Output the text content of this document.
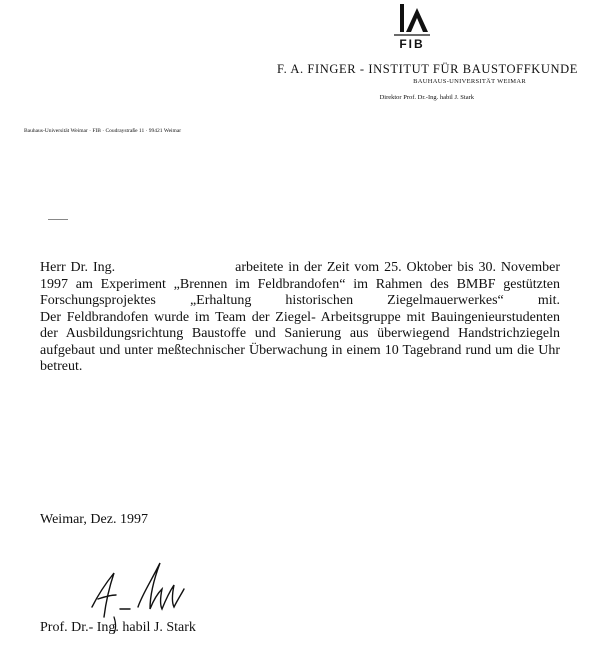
FIB
F. A. FINGER - INSTITUT FÜR BAUSTOFFKUNDE
BAUHAUS-UNIVERSITÄT WEIMAR
Direktor Prof. Dr.-Ing. habil J. Stark
Bauhaus-Universität Weimar · FIB · Coudraystraße 11 · 99421 Weimar

Herr Dr. Ing.	arbeitete in der Zeit vom 25. Oktober bis 30. November 1997 am Experiment „Brennen im Feldbrandofen“ im Rahmen des BMBF gestützten Forschungsprojektes „Erhaltung historischen Ziegelmauerwerkes“ mit.

Der Feldbrandofen wurde im Team der Ziegel- Arbeitsgruppe mit Bauingenieurstudenten der Ausbildungsrichtung Baustoffe und Sanierung aus überwiegend Handstrichziegeln aufgebaut und unter meßtechnischer Überwachung in einem 10 Tagebrand rund um die Uhr betreut.

Weimar, Dez. 1997
Prof. Dr.- Ing. habil J. Stark
